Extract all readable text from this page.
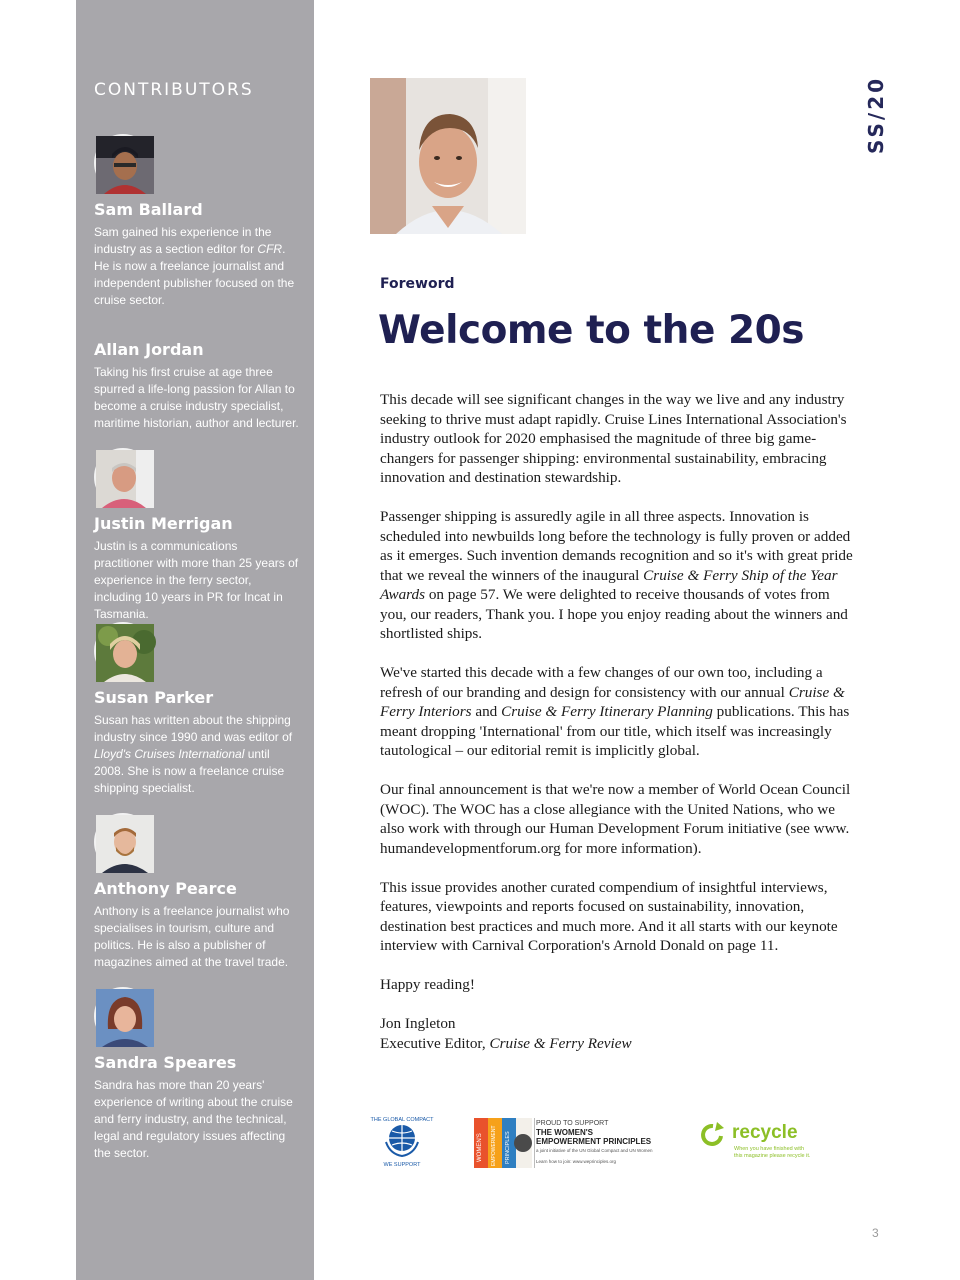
CONTRIBUTORS
Sam Ballard
Sam gained his experience in the industry as a section editor for CFR. He is now a freelance journalist and independent publisher focused on the cruise sector.
Allan Jordan
Taking his first cruise at age three spurred a life-long passion for Allan to become a cruise industry specialist, maritime historian, author and lecturer.
Justin Merrigan
Justin is a communications practitioner with more than 25 years of experience in the ferry sector, including 10 years in PR for Incat in Tasmania.
Susan Parker
Susan has written about the shipping industry since 1990 and was editor of Lloyd's Cruises International until 2008. She is now a freelance cruise shipping specialist.
Anthony Pearce
Anthony is a freelance journalist who specialises in tourism, culture and politics. He is also a publisher of magazines aimed at the travel trade.
Sandra Speares
Sandra has more than 20 years' experience of writing about the cruise and ferry industry, and the technical, legal and regulatory issues affecting the sector.
SS/20
Foreword
Welcome to the 20s

This decade will see significant changes in the way we live and any industry seeking to thrive must adapt rapidly. Cruise Lines International Association's industry outlook for 2020 emphasised the magnitude of three big game-changers for passenger shipping: environmental sustainability, embracing innovation and destination stewardship.

Passenger shipping is assuredly agile in all three aspects. Innovation is scheduled into newbuilds long before the technology is fully proven or added as it emerges. Such invention demands recognition and so it's with great pride that we reveal the winners of the inaugural Cruise & Ferry Ship of the Year Awards on page 57. We were delighted to receive thousands of votes from you, our readers, Thank you. I hope you enjoy reading about the winners and shortlisted ships.

We've started this decade with a few changes of our own too, including a refresh of our branding and design for consistency with our annual Cruise & Ferry Interiors and Cruise & Ferry Itinerary Planning publications. This has meant dropping 'International' from our title, which itself was increasingly tautological – our editorial remit is implicitly global.

Our final announcement is that we're now a member of World Ocean Council (WOC). The WOC has a close allegiance with the United Nations, who we also work with through our Human Development Forum initiative (see www. humandevelopmentforum.org for more information).

This issue provides another curated compendium of insightful interviews, features, viewpoints and reports focused on sustainability, innovation, destination best practices and much more. And it all starts with our keynote interview with Carnival Corporation's Arnold Donald on page 11.

Happy reading!

Jon Ingleton
Executive Editor, Cruise & Ferry Review

THE GLOBAL COMPACT
WE SUPPORT
WOMEN'S EMPOWERMENT PRINCIPLES
PROUD TO SUPPORT
THE WOMEN'S
EMPOWERMENT PRINCIPLES
a joint initiative of the UN Global Compact and UN Women
Learn how to join: www.weprinciples.org
recycle
When you have finished with
this magazine please recycle it.
3
